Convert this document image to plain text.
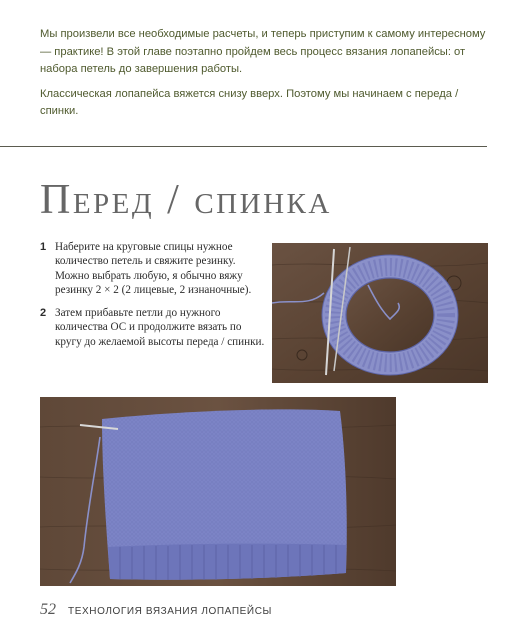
Мы произвели все необходимые расчеты, и теперь приступим к самому интересному — практике! В этой главе поэтапно пройдем весь процесс вязания лопапейсы: от набора петель до завершения работы.

Классическая лопапейса вяжется снизу вверх. Поэтому мы начинаем с переда / спинки.

Перед / спинка
1 Наберите на круговые спицы нужное количество петель и свяжите резинку. Можно выбрать любую, я обычно вяжу резинку 2 × 2 (2 лицевые, 2 изнаночные).
2 Затем прибавьте петли до нужного количества ОС и продолжите вязать по кругу до желаемой высоты переда / спинки.
52 ТЕХНОЛОГИЯ ВЯЗАНИЯ ЛОПАПЕЙСЫ
